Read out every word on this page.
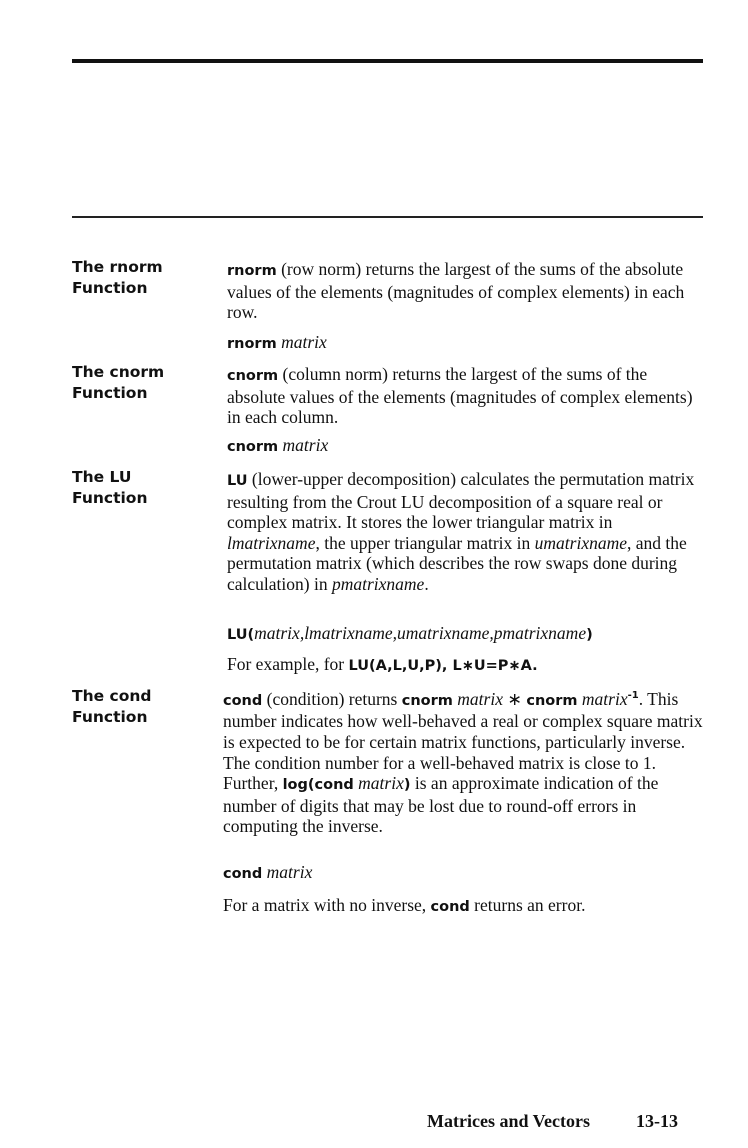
The rnorm
Function

rnorm (row norm) returns the largest of the sums of the absolute values of the elements (magnitudes of complex elements) in each row.

rnorm matrix

The cnorm
Function

cnorm (column norm) returns the largest of the sums of the absolute values of the elements (magnitudes of complex elements) in each column.

cnorm matrix

The LU
Function

LU (lower-upper decomposition) calculates the permutation matrix resulting from the Crout LU decomposition of a square real or complex matrix. It stores the lower triangular matrix in lmatrixname, the upper triangular matrix in umatrixname, and the permutation matrix (which describes the row swaps done during calculation) in pmatrixname.

LU(matrix,lmatrixname,umatrixname,pmatrixname)

For example, for LU(A,L,U,P), L∗U=P∗A.

The cond
Function

cond (condition) returns cnorm matrix ∗ cnorm matrix$^{-1}$. This number indicates how well-behaved a real or complex square matrix is expected to be for certain matrix functions, particularly inverse. The condition number for a well-behaved matrix is close to 1. Further, log(cond matrix) is an approximate indication of the number of digits that may be lost due to round-off errors in computing the inverse.

cond matrix

For a matrix with no inverse, cond returns an error.

Matrices and Vectors	13-13
